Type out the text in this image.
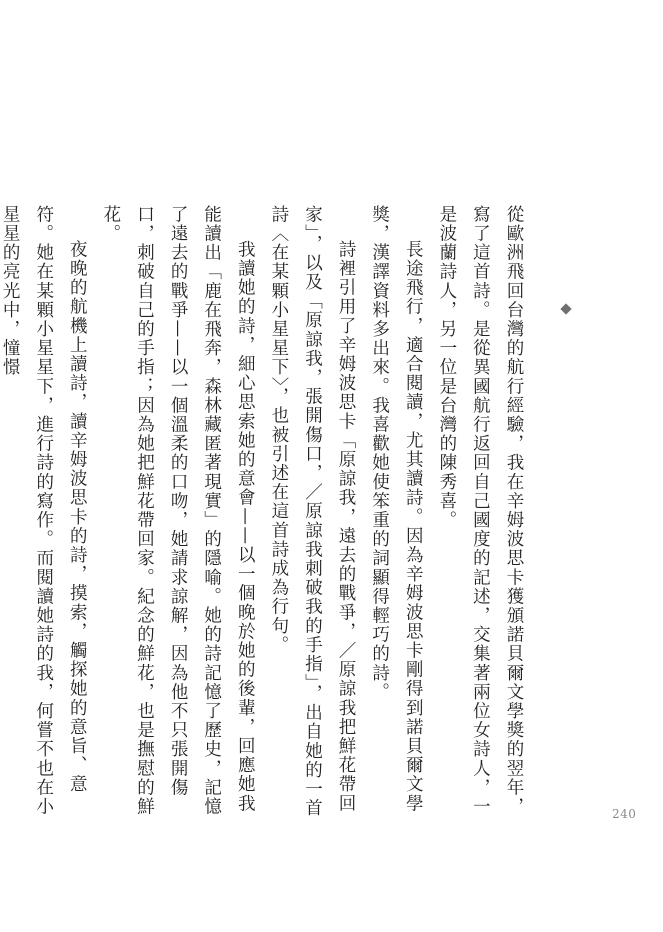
從歐洲飛回台灣的航行經驗，我在辛姆波思卡獲頒諾貝爾文學獎的翌年，寫了這首詩。是從異國航行返回自己國度的記述，交集著兩位女詩人，一是波蘭詩人，另一位是台灣的陳秀喜。

長途飛行，適合閱讀，尤其讀詩。因為辛姆波思卡剛得到諾貝爾文學獎，漢譯資料多出來。我喜歡她使笨重的詞顯得輕巧的詩。

詩裡引用了辛姆波思卡「原諒我，遠去的戰爭，／原諒我把鮮花帶回家」，以及「原諒我，張開傷口，／原諒我刺破我的手指」，出自她的一首詩〈在某顆小星星下〉，也被引述在這首詩成為行句。

我讀她的詩，細心思索她的意會——以一個晚於她的後輩，回應她我能讀出「鹿在飛奔，森林藏匿著現實」的隱喻。她的詩記憶了歷史，記憶了遠去的戰爭——以一個溫柔的口吻，她請求諒解，因為他不只張開傷口，刺破自己的手指；因為她把鮮花帶回家。紀念的鮮花，也是撫慰的鮮花。

夜晚的航機上讀詩，讀辛姆波思卡的詩，摸索，觸探她的意旨、意符。她在某顆小星星下，進行詩的寫作。而閱讀她詩的我，何嘗不也在小星星的亮光中，憧憬

240
